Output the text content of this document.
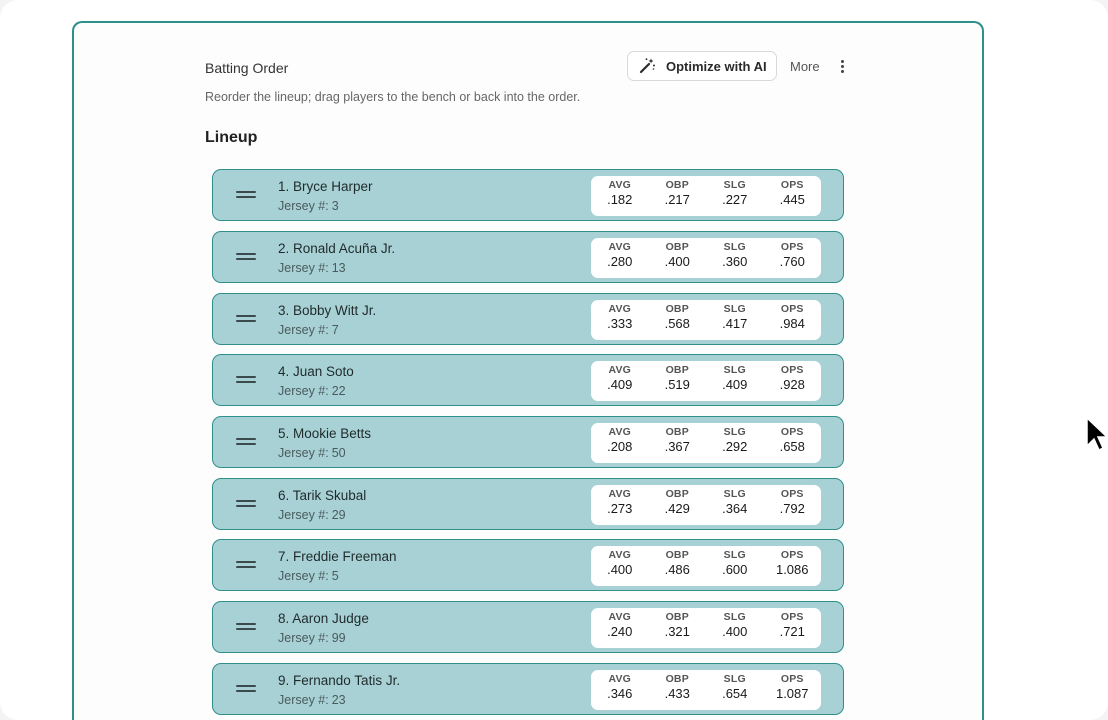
Batting Order
Reorder the lineup; drag players to the bench or back into the order.
Optimize with AI More
Lineup
1. Bryce Harper
Jersey #: 3
AVG
.182
OBP
.217
SLG
.227
OPS
.445
2. Ronald Acuña Jr.
Jersey #: 13
AVG
.280
OBP
.400
SLG
.360
OPS
.760
3. Bobby Witt Jr.
Jersey #: 7
AVG
.333
OBP
.568
SLG
.417
OPS
.984
4. Juan Soto
Jersey #: 22
AVG
.409
OBP
.519
SLG
.409
OPS
.928
5. Mookie Betts
Jersey #: 50
AVG
.208
OBP
.367
SLG
.292
OPS
.658
6. Tarik Skubal
Jersey #: 29
AVG
.273
OBP
.429
SLG
.364
OPS
.792
7. Freddie Freeman
Jersey #: 5
AVG
.400
OBP
.486
SLG
.600
OPS
1.086
8. Aaron Judge
Jersey #: 99
AVG
.240
OBP
.321
SLG
.400
OPS
.721
9. Fernando Tatis Jr.
Jersey #: 23
AVG
.346
OBP
.433
SLG
.654
OPS
1.087
